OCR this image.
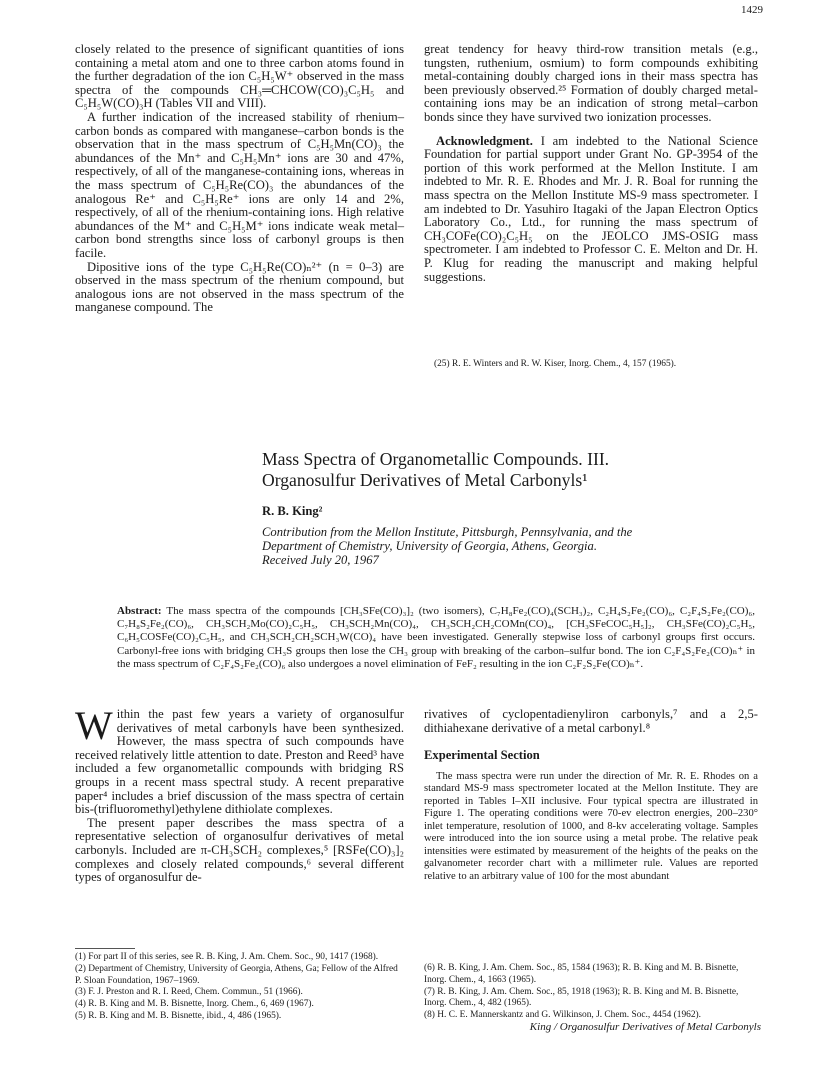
1429

closely related to the presence of significant quantities of ions containing a metal atom and one to three carbon atoms found in the further degradation of the ion C₅H₅W⁺ observed in the mass spectra of the compounds CH₃═CHCOW(CO)₃C₅H₅ and C₅H₅W(CO)₃H (Tables VII and VIII).

A further indication of the increased stability of rhenium–carbon bonds as compared with manganese–carbon bonds is the observation that in the mass spectrum of C₅H₅Mn(CO)₃ the abundances of the Mn⁺ and C₅H₅Mn⁺ ions are 30 and 47%, respectively, of all of the manganese-containing ions, whereas in the mass spectrum of C₅H₅Re(CO)₃ the abundances of the analogous Re⁺ and C₅H₅Re⁺ ions are only 14 and 2%, respectively, of all of the rhenium-containing ions. High relative abundances of the M⁺ and C₅H₅M⁺ ions indicate weak metal–carbon bond strengths since loss of carbonyl groups is then facile.

Dipositive ions of the type C₅H₅Re(CO)ₙ²⁺ (n = 0–3) are observed in the mass spectrum of the rhenium compound, but analogous ions are not observed in the mass spectrum of the manganese compound. The

great tendency for heavy third-row transition metals (e.g., tungsten, ruthenium, osmium) to form compounds exhibiting metal-containing doubly charged ions in their mass spectra has been previously observed.²⁵ Formation of doubly charged metal-containing ions may be an indication of strong metal–carbon bonds since they have survived two ionization processes.

Acknowledgment. I am indebted to the National Science Foundation for partial support under Grant No. GP-3954 of the portion of this work performed at the Mellon Institute. I am indebted to Mr. R. E. Rhodes and Mr. J. R. Boal for running the mass spectra on the Mellon Institute MS-9 mass spectrometer. I am indebted to Dr. Yasuhiro Itagaki of the Japan Electron Optics Laboratory Co., Ltd., for running the mass spectrum of CH₃COFe(CO)₂C₅H₅ on the JEOLCO JMS-OSIG mass spectrometer. I am indebted to Professor C. E. Melton and Dr. H. P. Klug for reading the manuscript and making helpful suggestions.

(25) R. E. Winters and R. W. Kiser, Inorg. Chem., 4, 157 (1965).

Mass Spectra of Organometallic Compounds. III.

Organosulfur Derivatives of Metal Carbonyls¹

R. B. King²

Contribution from the Mellon Institute, Pittsburgh, Pennsylvania, and the

Department of Chemistry, University of Georgia, Athens, Georgia.

Received July 20, 1967

Abstract: The mass spectra of the compounds [CH₃SFe(CO)₃]₂ (two isomers), C₇H₈Fe₂(CO)₄(SCH₃)₂, C₂H₄S₂Fe₂(CO)₆, C₂F₄S₂Fe₂(CO)₆, C₇H₈S₂Fe₂(CO)₆, CH₃SCH₂Mo(CO)₂C₅H₅, CH₃SCH₂Mn(CO)₄, CH₃SCH₂CH₂COMn(CO)₄, [CH₃SFeCOC₅H₅]₂, CH₃SFe(CO)₂C₅H₅, C₆H₅COSFe(CO)₂C₅H₅, and CH₃SCH₂CH₂SCH₃W(CO)₄ have been investigated. Generally stepwise loss of carbonyl groups first occurs. Carbonyl-free ions with bridging CH₃S groups then lose the CH₃ group with breaking of the carbon–sulfur bond. The ion C₂F₄S₂Fe₂(CO)ₙ⁺ in the mass spectrum of C₂F₄S₂Fe₂(CO)₆ also undergoes a novel elimination of FeF₂ resulting in the ion C₂F₂S₂Fe(CO)ₙ⁺.

Within the past few years a variety of organosulfur derivatives of metal carbonyls have been synthesized. However, the mass spectra of such compounds have received relatively little attention to date. Preston and Reed³ have included a few organometallic compounds with bridging RS groups in a recent mass spectral study. A recent preparative paper⁴ includes a brief discussion of the mass spectra of certain bis-(trifluoromethyl)ethylene dithiolate complexes.

The present paper describes the mass spectra of a representative selection of organosulfur derivatives of metal carbonyls. Included are π-CH₃SCH₂ complexes,⁵ [RSFe(CO)₃]₂ complexes and closely related compounds,⁶ several different types of organosulfur de-

rivatives of cyclopentadienyliron carbonyls,⁷ and a 2,5-dithiahexane derivative of a metal carbonyl.⁸

Experimental Section

The mass spectra were run under the direction of Mr. R. E. Rhodes on a standard MS-9 mass spectrometer located at the Mellon Institute. They are reported in Tables I–XII inclusive. Four typical spectra are illustrated in Figure 1. The operating conditions were 70-ev electron energies, 200–230° inlet temperature, resolution of 1000, and 8-kv accelerating voltage. Samples were introduced into the ion source using a metal probe. The relative peak intensities were estimated by measurement of the heights of the peaks on the galvanometer recorder chart with a millimeter rule. Values are reported relative to an arbitrary value of 100 for the most abundant

(1) For part II of this series, see R. B. King, J. Am. Chem. Soc., 90, 1417 (1968).

(2) Department of Chemistry, University of Georgia, Athens, Ga; Fellow of the Alfred P. Sloan Foundation, 1967–1969.

(3) F. J. Preston and R. I. Reed, Chem. Commun., 51 (1966).

(4) R. B. King and M. B. Bisnette, Inorg. Chem., 6, 469 (1967).

(5) R. B. King and M. B. Bisnette, ibid., 4, 486 (1965).

(6) R. B. King, J. Am. Chem. Soc., 85, 1584 (1963); R. B. King and M. B. Bisnette, Inorg. Chem., 4, 1663 (1965).

(7) R. B. King, J. Am. Chem. Soc., 85, 1918 (1963); R. B. King and M. B. Bisnette, Inorg. Chem., 4, 482 (1965).

(8) H. C. E. Mannerskantz and G. Wilkinson, J. Chem. Soc., 4454 (1962).

King / Organosulfur Derivatives of Metal Carbonyls
